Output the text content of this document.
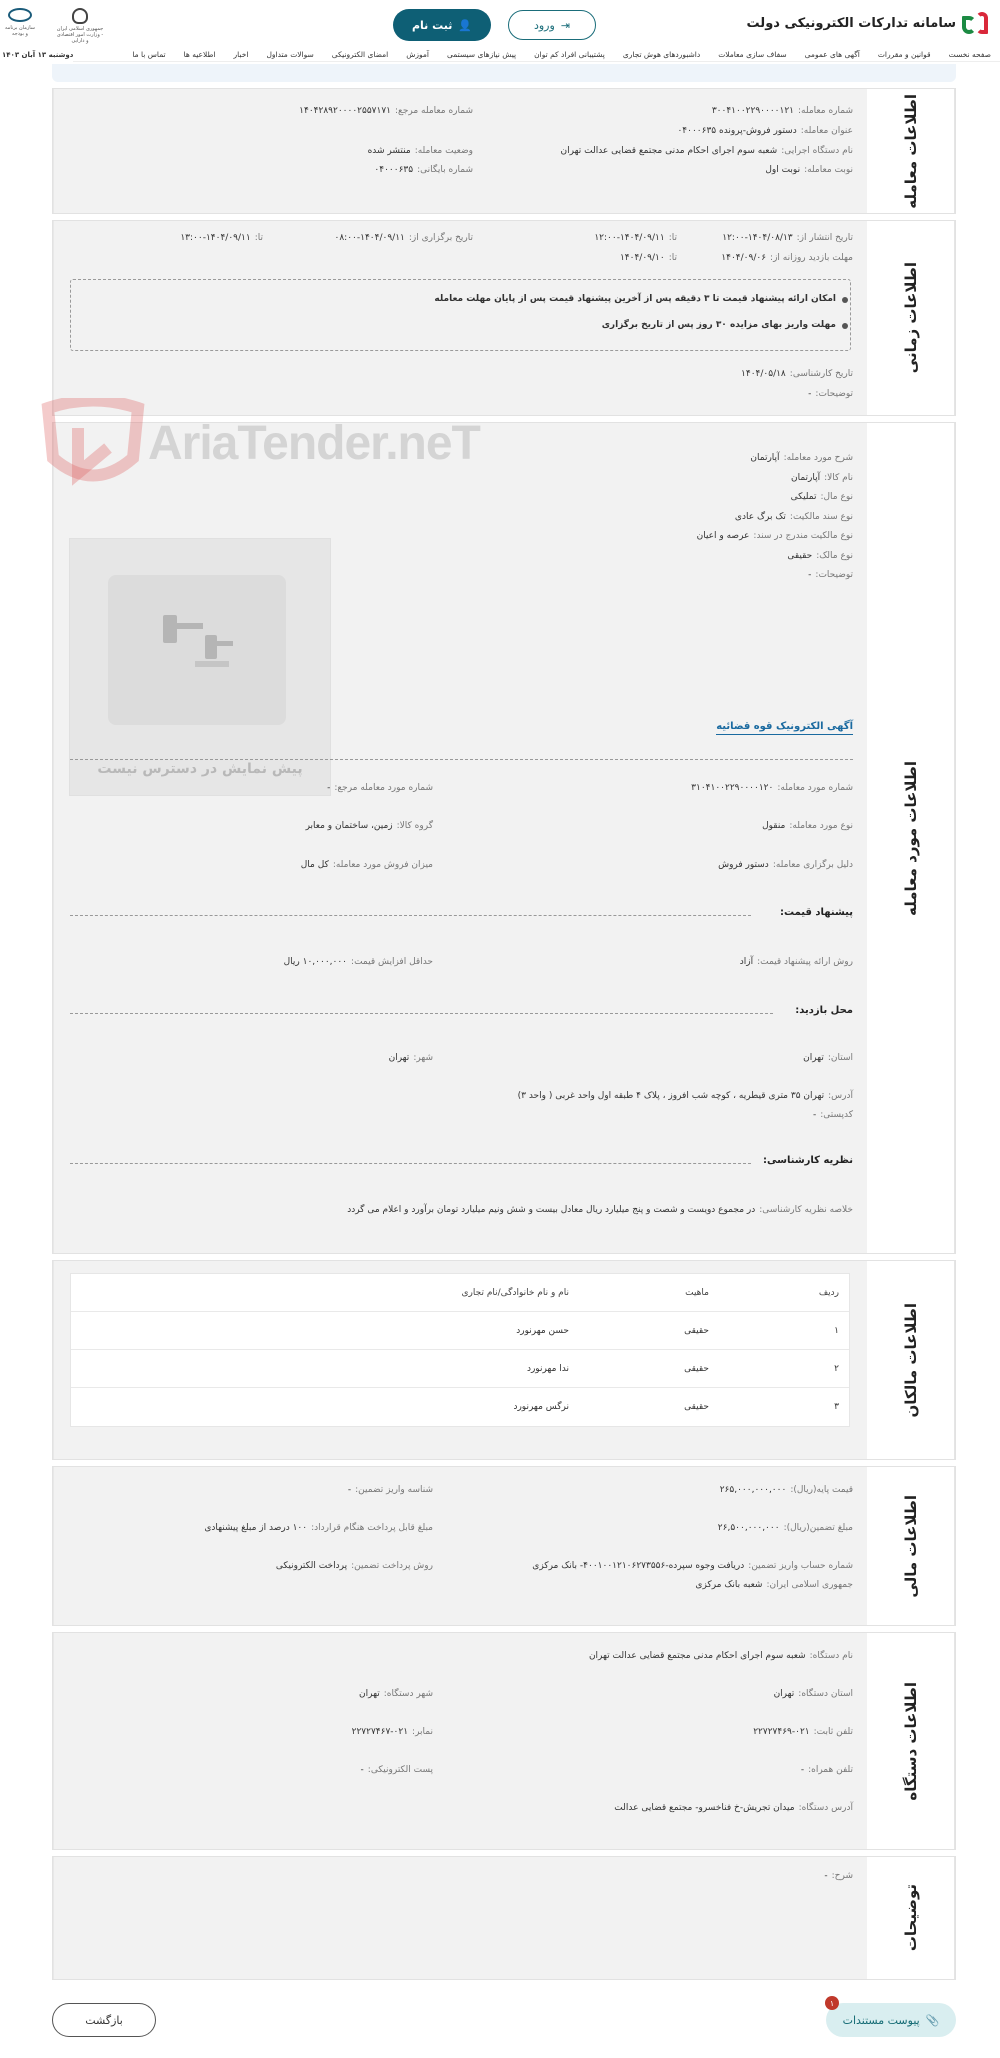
سامانه تدارکات الکترونیکی دولت
⇥
ورود
👤
ثبت نام
جمهوری اسلامی ایران - وزارت امور اقتصادی و دارایی
سازمان برنامه و بودجه
صفحه نخست
قوانین و مقررات
آگهی های عمومی
سفاف سازی معاملات
داشبوردهای هوش تجاری
پشتیبانی افراد کم توان
پیش نیازهای سیستمی
آموزش
امضای الکترونیکی
سوالات متداول
اخبار
اطلاعیه ها
تماس با ما
دوشنبه ۱۳ آبان ۱۴۰۳
اطلاعات معامله
شماره معامله:۳۰۰۴۱۰۰۲۲۹۰۰۰۰۱۲۱
شماره معامله مرجع:۱۴۰۴۲۸۹۲۰۰۰۰۲۵۵۷۱۷۱
عنوان معامله:دستور فروش-پرونده ۰۴۰۰۰۶۳۵
نام دستگاه اجرایی:شعبه سوم اجرای احکام مدنی مجتمع قضایی عدالت تهران
وضعیت معامله:منتشر شده
نوبت معامله:نوبت اول
شماره بایگانی:۰۴۰۰۰۶۳۵
اطلاعات زمانی
تاریخ انتشار از:۱۴۰۴/۰۸/۱۳-۱۲:۰۰
تا:۱۴۰۴/۰۹/۱۱-۱۲:۰۰
تاریخ برگزاری از:۱۴۰۴/۰۹/۱۱-۰۸:۰۰
تا:۱۴۰۴/۰۹/۱۱-۱۳:۰۰
مهلت بازدید روزانه از:۱۴۰۴/۰۹/۰۶
تا:۱۴۰۴/۰۹/۱۰
امکان ارائه پیشنهاد قیمت تا ۳ دقیقه پس از آخرین پیشنهاد قیمت پس از پایان مهلت معامله
مهلت واریز بهای مزایده ۳۰ روز پس از تاریخ برگزاری
تاریخ کارشناسی:۱۴۰۴/۰۵/۱۸
توضیحات:-
اطلاعات مورد معامله
شرح مورد معامله:آپارتمان
نام کالا:آپارتمان
نوع مال:تملیکی
نوع سند مالکیت:تک برگ عادی
نوع مالکیت مندرج در سند:عرصه و اعیان
نوع مالک:حقیقی
توضیحات:-
پیش نمایش در دسترس نیست
آگهی الکترونیک قوه قضائیه
شماره مورد معامله:۳۱۰۴۱۰۰۲۲۹۰۰۰۰۱۲۰
شماره مورد معامله مرجع:-
نوع مورد معامله:منقول
گروه کالا:زمین، ساختمان و معابر
دلیل برگزاری معامله:دستور فروش
میزان فروش مورد معامله:کل مال
پیشنهاد قیمت:
روش ارائه پیشنهاد قیمت:آزاد
حداقل افزایش قیمت:۱۰,۰۰۰,۰۰۰ ریال
محل بازدید:
استان:تهران
شهر:تهران
آدرس:تهران ۳۵ متری قیطریه ، کوچه شب افروز ، پلاک ۴ طبقه اول واحد غربی ( واحد ۳)
کدپستی:-
نظریه کارشناسی:
خلاصه نظریه کارشناسی:در مجموع دویست و شصت و پنج میلیارد ریال معادل بیست و شش ونیم میلیارد تومان برآورد و اعلام می گردد
AriaTender.neT
اطلاعات مالکان
ردیف
ماهیت
نام و نام خانوادگی/نام تجاری
۱
حقیقی
حسن مهرنورد
۲
حقیقی
ندا مهرنورد
۳
حقیقی
نرگس مهرنورد
اطلاعات مالی
قیمت پایه(ریال):۲۶۵,۰۰۰,۰۰۰,۰۰۰
شناسه واریز تضمین:-
مبلغ تضمین(ریال):۲۶,۵۰۰,۰۰۰,۰۰۰
مبلغ قابل پرداخت هنگام قرارداد:۱۰۰ درصد از مبلغ پیشنهادی
شماره حساب واریز تضمین:دریافت وجوه سپرده-۴۰۰۱۰۰۱۲۱۰۶۲۷۳۵۵۶- بانک مرکزی
روش پرداخت تضمین:پرداخت الکترونیکی
جمهوری اسلامی ایران:شعبه بانک مرکزی
اطلاعات دستگاه
نام دستگاه:شعبه سوم اجرای احکام مدنی مجتمع قضایی عدالت تهران
استان دستگاه:تهران
شهر دستگاه:تهران
تلفن ثابت:۰۲۱-۲۲۷۲۷۴۶۹
نمابر:۰۲۱-۲۲۷۲۷۴۶۷
تلفن همراه:-
پست الکترونیکی:-
آدرس دستگاه:میدان تجریش-خ فناخسرو- مجتمع قضایی عدالت
توضیحات
شرح:-
📎
پیوست مستندات
۱
بازگشت
